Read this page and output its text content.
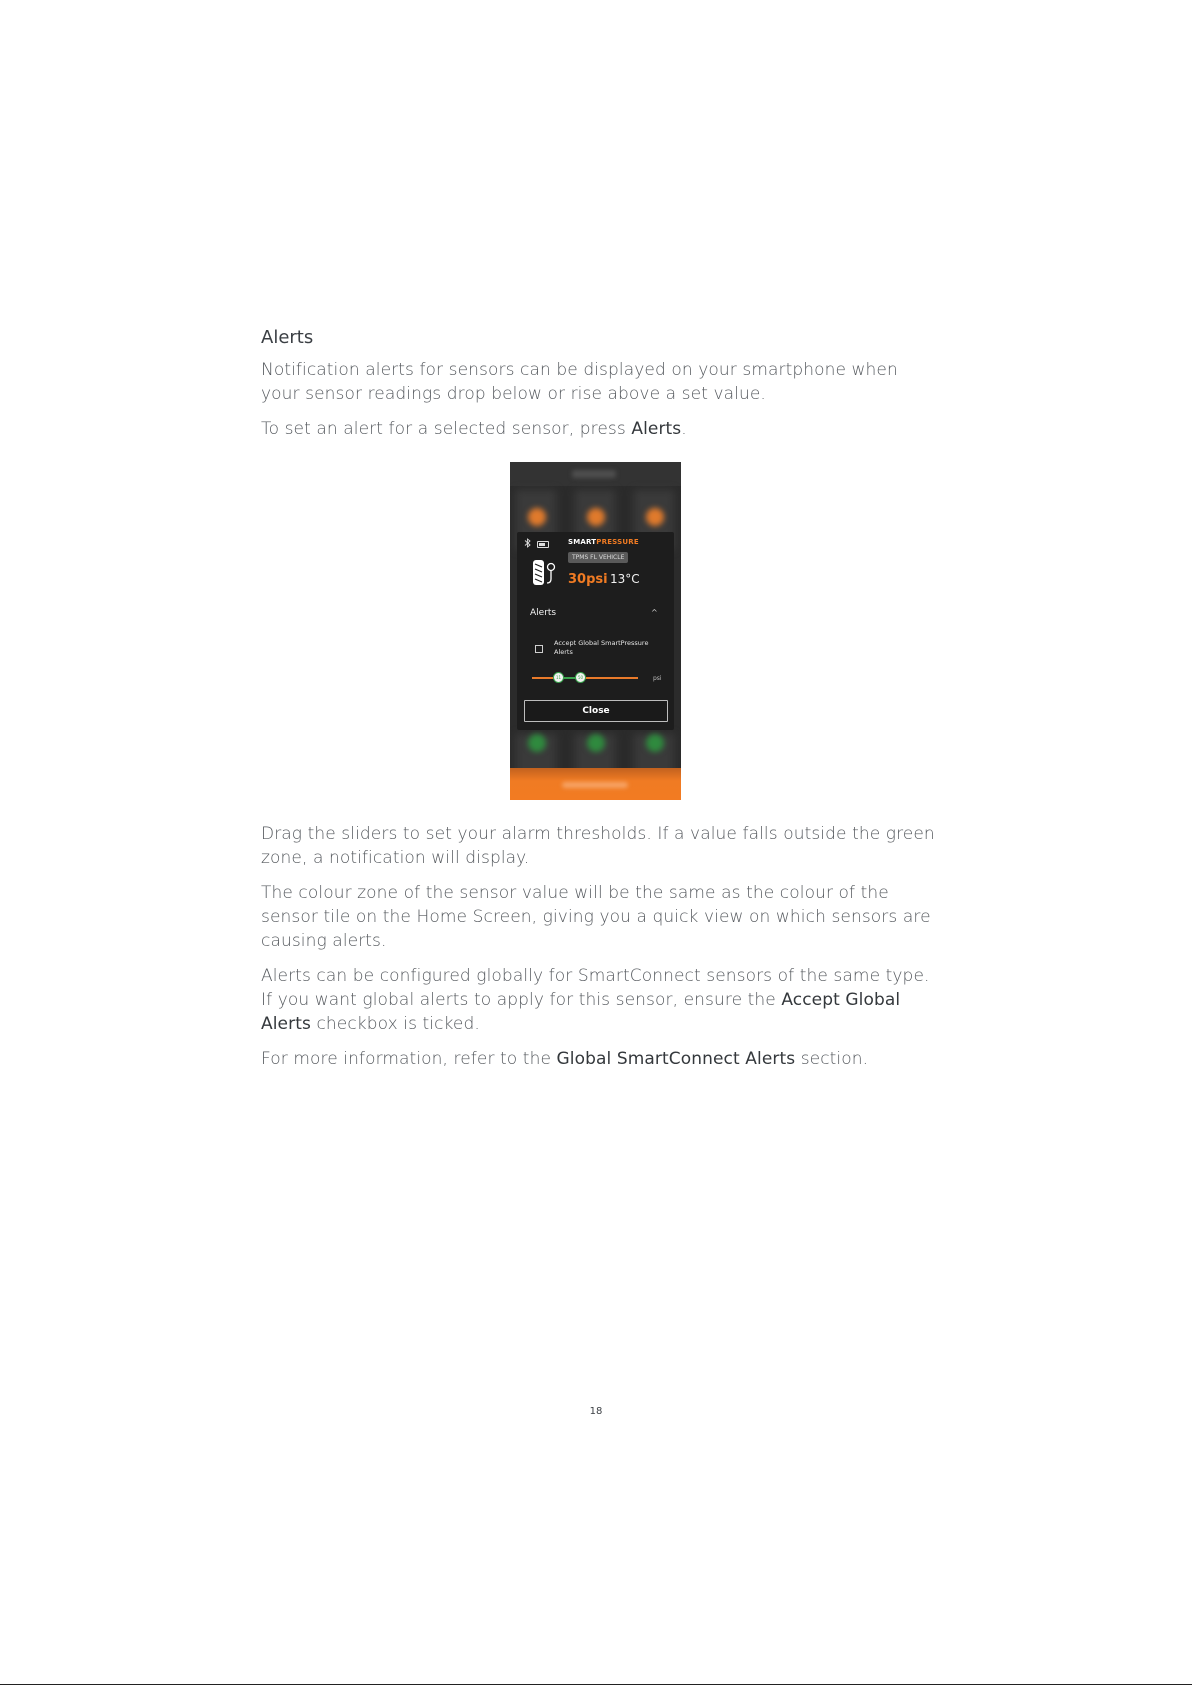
Alerts

Notification alerts for sensors can be displayed on your smartphone when your sensor readings drop below or rise above a set value.

To set an alert for a selected sensor, press Alerts.

SMARTPRESSURE
TPMS FL VEHICLE
30psi 13°C
Alerts	^
Accept Global SmartPressure Alerts
11	50	psi
Close

Drag the sliders to set your alarm thresholds. If a value falls outside the green zone, a notification will display.

The colour zone of the sensor value will be the same as the colour of the sensor tile on the Home Screen, giving you a quick view on which sensors are causing alerts.

Alerts can be configured globally for SmartConnect sensors of the same type. If you want global alerts to apply for this sensor, ensure the Accept Global Alerts checkbox is ticked.

For more information, refer to the Global SmartConnect Alerts section.

18
